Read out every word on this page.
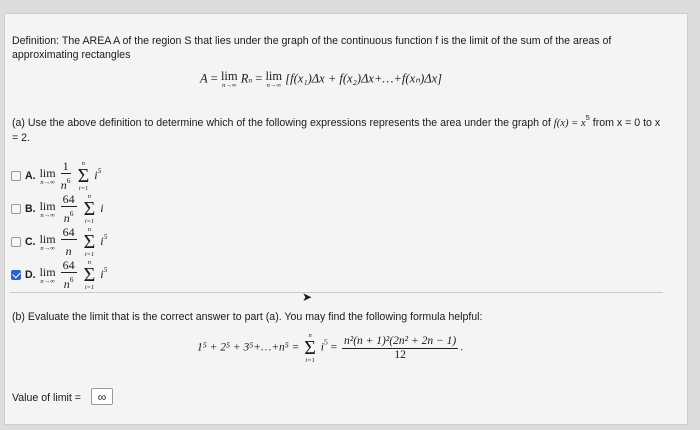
Definition: The AREA A of the region S that lies under the graph of the continuous function f is the limit of the sum of the areas of approximating rectangles
A = lim
n→∞
Rn = lim
n→∞
[f(x₁)Δx + f(x₂)Δx+…+f(xₙ)Δx]
(a) Use the above definition to determine which of the following expressions represents the area under the graph of $f(x) = x^5$ from x = 0 to x
= 2.
A. lim
n→∞
$\frac{1}{n^6}$
n
Σ
i=1
$i^5$
B. lim
n→∞
$\frac{64}{n^6}$
n
Σ
i=1
i
C. lim
n→∞
$\frac{64}{n}$
n
Σ
i=1
$i^5$
D. lim
n→∞
$\frac{64}{n^6}$
n
Σ
i=1
$i^5$
➤
(b) Evaluate the limit that is the correct answer to part (a). You may find the following formula helpful:
1⁵ + 2⁵ + 3⁵+…+n⁵ =
n
Σ
i=1
$i^5 = \frac{\text{n²(n + 1)²(2n² + 2n − 1)}}{12}$ .
Value of limit =	∞
